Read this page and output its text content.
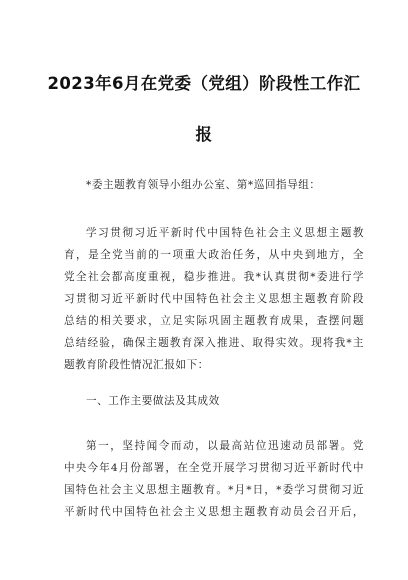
2023年6月在党委（党组）阶段性工作汇
报
*委主题教育领导小组办公室、第*巡回指导组：
学习贯彻习近平新时代中国特色社会主义思想主题教
育，是全党当前的一项重大政治任务，从中央到地方，全
党全社会都高度重视，稳步推进。我*认真贯彻*委进行学
习贯彻习近平新时代中国特色社会主义思想主题教育阶段
总结的相关要求，立足实际巩固主题教育成果，查摆问题
总结经验，确保主题教育深入推进、取得实效。现将我*主
题教育阶段性情况汇报如下：
一、工作主要做法及其成效
第一，坚持闻令而动，以最高站位迅速动员部署。党
中央今年4月份部署，在全党开展学习贯彻习近平新时代中
国特色社会主义思想主题教育。*月*日，*委学习贯彻习近
平新时代中国特色社会主义思想主题教育动员会召开后，
